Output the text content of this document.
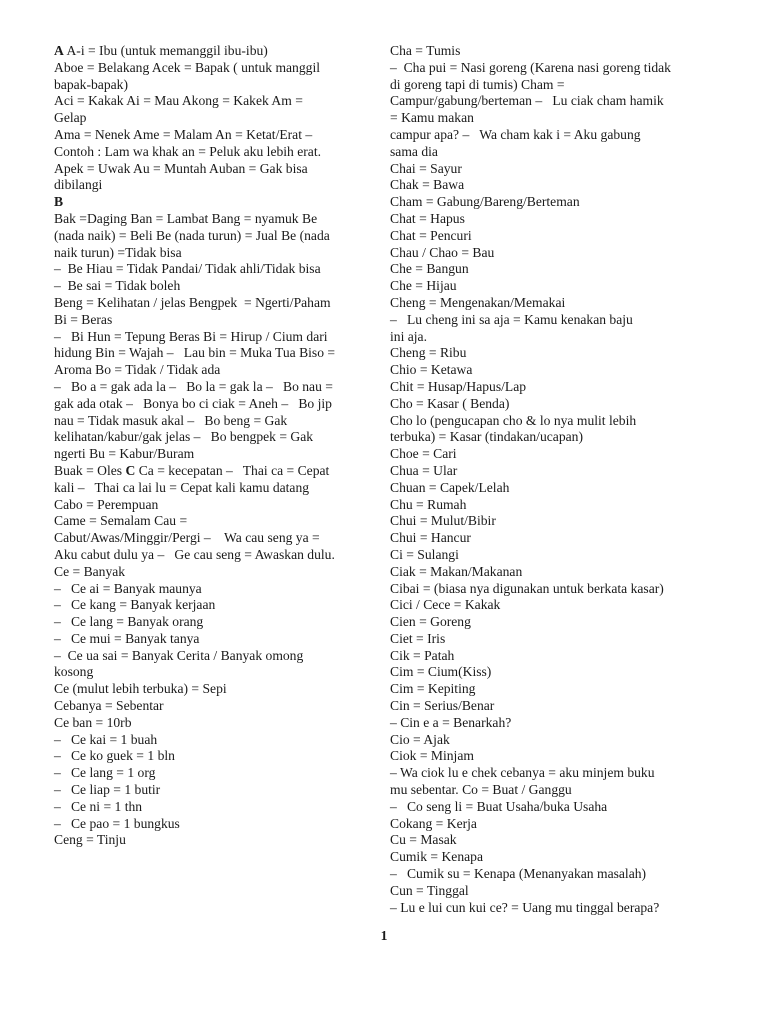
A A-i = Ibu (untuk memanggil ibu-ibu)
Aboe = Belakang Acek = Bapak ( untuk manggil
bapak-bapak)
Aci = Kakak Ai = Mau Akong = Kakek Am =
Gelap
Ama = Nenek Ame = Malam An = Ketat/Erat –
Contoh : Lam wa khak an = Peluk aku lebih erat.
Apek = Uwak Au = Muntah Auban = Gak bisa
dibilangi
B
Bak =Daging Ban = Lambat Bang = nyamuk Be
(nada naik) = Beli Be (nada turun) = Jual Be (nada
naik turun) =Tidak bisa
–  Be Hiau = Tidak Pandai/ Tidak ahli/Tidak bisa
–  Be sai = Tidak boleh
Beng = Kelihatan / jelas Bengpek  = Ngerti/Paham
Bi = Beras
–   Bi Hun = Tepung Beras Bi = Hirup / Cium dari
hidung Bin = Wajah –   Lau bin = Muka Tua Biso =
Aroma Bo = Tidak / Tidak ada
–   Bo a = gak ada la –   Bo la = gak la –   Bo nau =
gak ada otak –   Bonya bo ci ciak = Aneh –   Bo jip
nau = Tidak masuk akal –   Bo beng = Gak
kelihatan/kabur/gak jelas –   Bo bengpek = Gak
ngerti Bu = Kabur/Buram
Buak = Oles C Ca = kecepatan –   Thai ca = Cepat
kali –   Thai ca lai lu = Cepat kali kamu datang
Cabo = Perempuan
Came = Semalam Cau =
Cabut/Awas/Minggir/Pergi –    Wa cau seng ya =
Aku cabut dulu ya –   Ge cau seng = Awaskan dulu.
Ce = Banyak
–   Ce ai = Banyak maunya
–   Ce kang = Banyak kerjaan
–   Ce lang = Banyak orang
–   Ce mui = Banyak tanya
–  Ce ua sai = Banyak Cerita / Banyak omong
kosong
Ce (mulut lebih terbuka) = Sepi
Cebanya = Sebentar
Ce ban = 10rb
–   Ce kai = 1 buah
–   Ce ko guek = 1 bln
–   Ce lang = 1 org
–   Ce liap = 1 butir
–   Ce ni = 1 thn
–   Ce pao = 1 bungkus
Ceng = Tinju
Cha = Tumis
–  Cha pui = Nasi goreng (Karena nasi goreng tidak
di goreng tapi di tumis) Cham =
Campur/gabung/berteman –   Lu ciak cham hamik
= Kamu makan
campur apa? –   Wa cham kak i = Aku gabung
sama dia
Chai = Sayur
Chak = Bawa
Cham = Gabung/Bareng/Berteman
Chat = Hapus
Chat = Pencuri
Chau / Chao = Bau
Che = Bangun
Che = Hijau
Cheng = Mengenakan/Memakai
–   Lu cheng ini sa aja = Kamu kenakan baju
ini aja.
Cheng = Ribu
Chio = Ketawa
Chit = Husap/Hapus/Lap
Cho = Kasar ( Benda)
Cho lo (pengucapan cho & lo nya mulit lebih
terbuka) = Kasar (tindakan/ucapan)
Choe = Cari
Chua = Ular
Chuan = Capek/Lelah
Chu = Rumah
Chui = Mulut/Bibir
Chui = Hancur
Ci = Sulangi
Ciak = Makan/Makanan
Cibai = (biasa nya digunakan untuk berkata kasar)
Cici / Cece = Kakak
Cien = Goreng
Ciet = Iris
Cik = Patah
Cim = Cium(Kiss)
Cim = Kepiting
Cin = Serius/Benar
– Cin e a = Benarkah?
Cio = Ajak
Ciok = Minjam
– Wa ciok lu e chek cebanya = aku minjem buku
mu sebentar. Co = Buat / Ganggu
–   Co seng li = Buat Usaha/buka Usaha
Cokang = Kerja
Cu = Masak
Cumik = Kenapa
–   Cumik su = Kenapa (Menanyakan masalah)
Cun = Tinggal
– Lu e lui cun kui ce? = Uang mu tinggal berapa?
1
